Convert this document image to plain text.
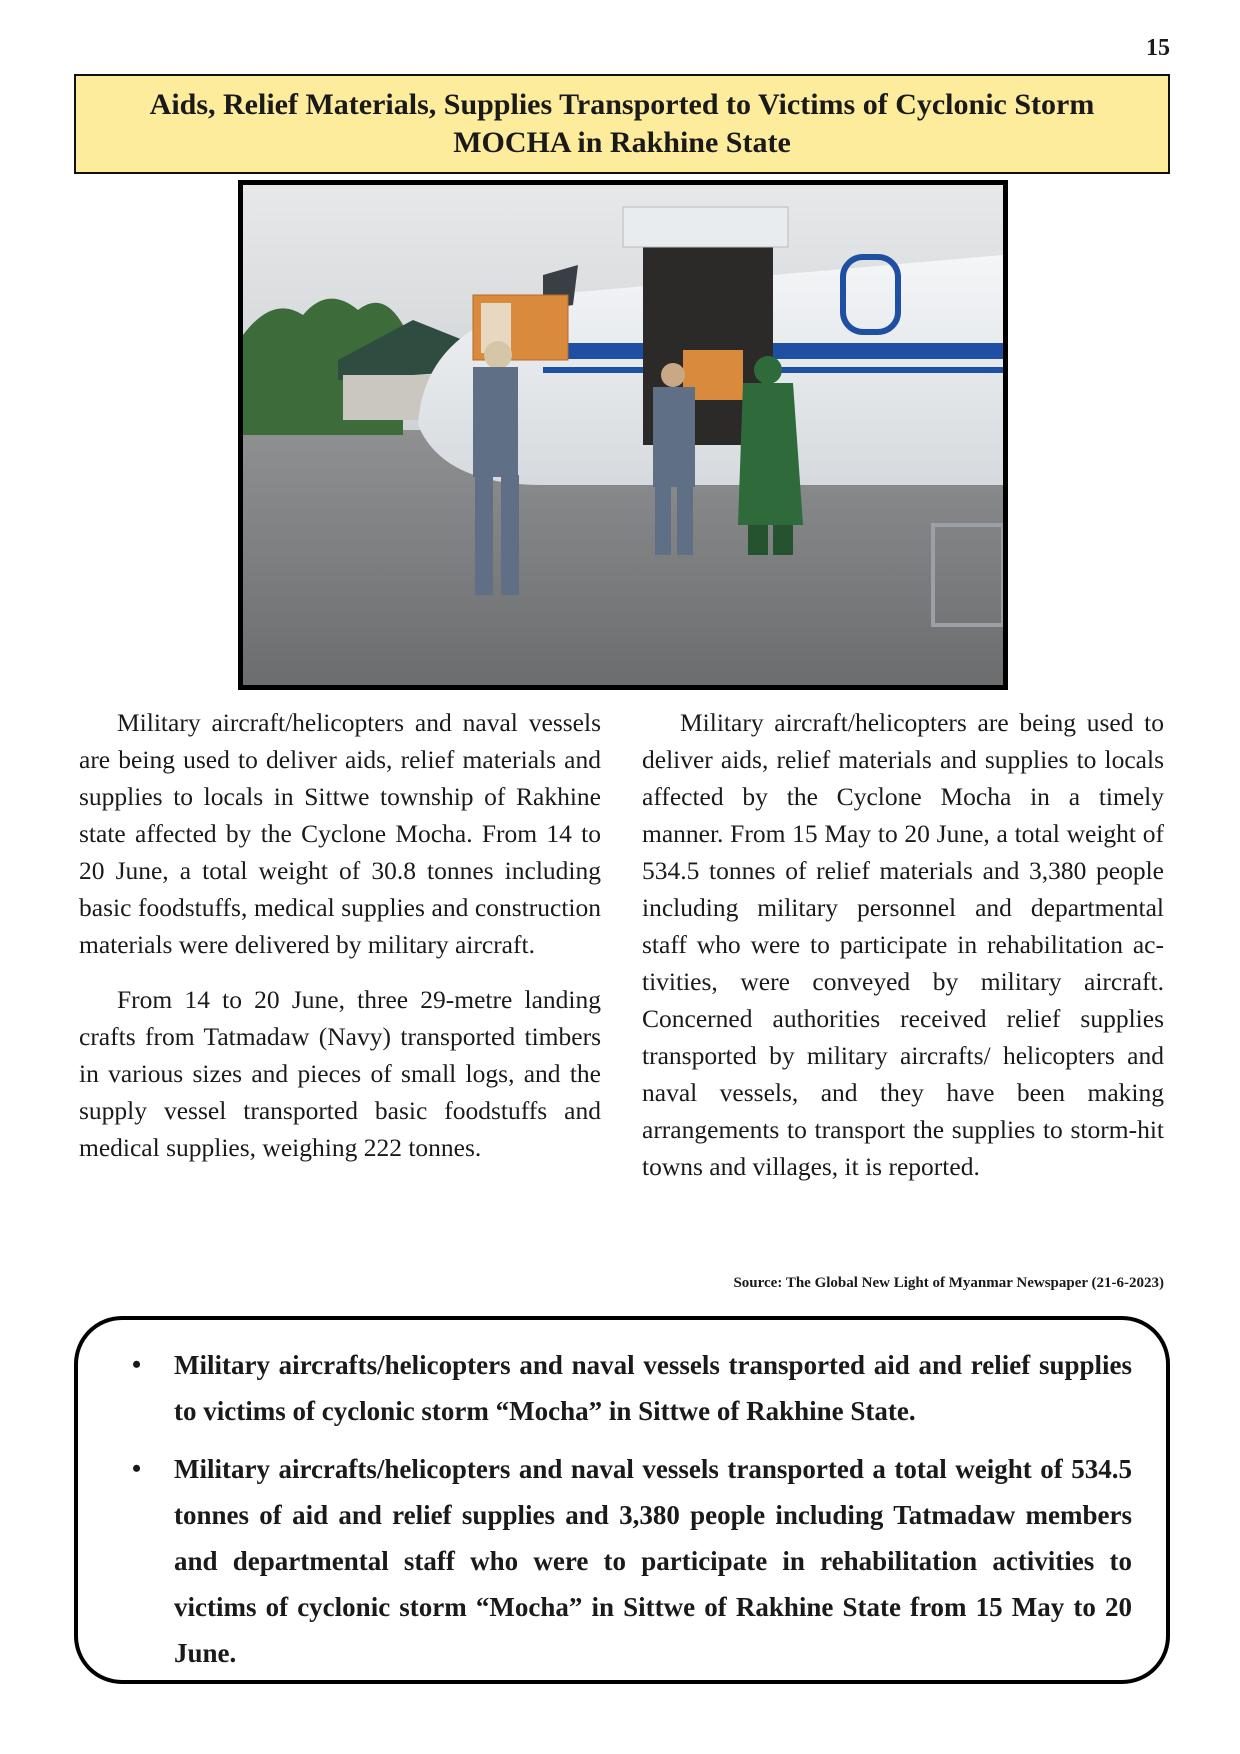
15
Aids, Relief Materials, Supplies Transported to Victims of Cyclonic Storm MOCHA in Rakhine State

Military aircraft/helicopters and naval vessels are being used to deliver aids, relief materials and supplies to locals in Sittwe township of Rakhine state affected by the Cyclone Mocha. From 14 to 20 June, a total weight of 30.8 tonnes including basic foodstuffs, medical supplies and construction materials were delivered by military aircraft.

From 14 to 20 June, three 29-metre landing crafts from Tatmadaw (Navy) transported timbers in various sizes and pieces of small logs, and the supply vessel transported basic foodstuffs and medical supplies, weighing 222 tonnes.

Military aircraft/helicopters are being used to deliver aids, relief materials and supplies to locals affected by the Cyclone Mocha in a timely manner. From 15 May to 20 June, a total weight of 534.5 tonnes of relief materials and 3,380 people including military personnel and departmental staff who were to participate in rehabilitation activities, were conveyed by military aircraft. Concerned authorities received relief supplies transported by military aircrafts/ helicopters and naval vessels, and they have been making arrangements to transport the supplies to storm-hit towns and villages, it is reported.

Source: The Global New Light of Myanmar Newspaper (21-6-2023)
• Military aircrafts/helicopters and naval vessels transported aid and relief supplies to victims of cyclonic storm “Mocha” in Sittwe of Rakhine State.
• Military aircrafts/helicopters and naval vessels transported a total weight of 534.5 tonnes of aid and relief supplies and 3,380 people including Tatmadaw members and departmental staff who were to participate in rehabilitation activities to victims of cyclonic storm “Mocha” in Sittwe of Rakhine State from 15 May to 20 June.
